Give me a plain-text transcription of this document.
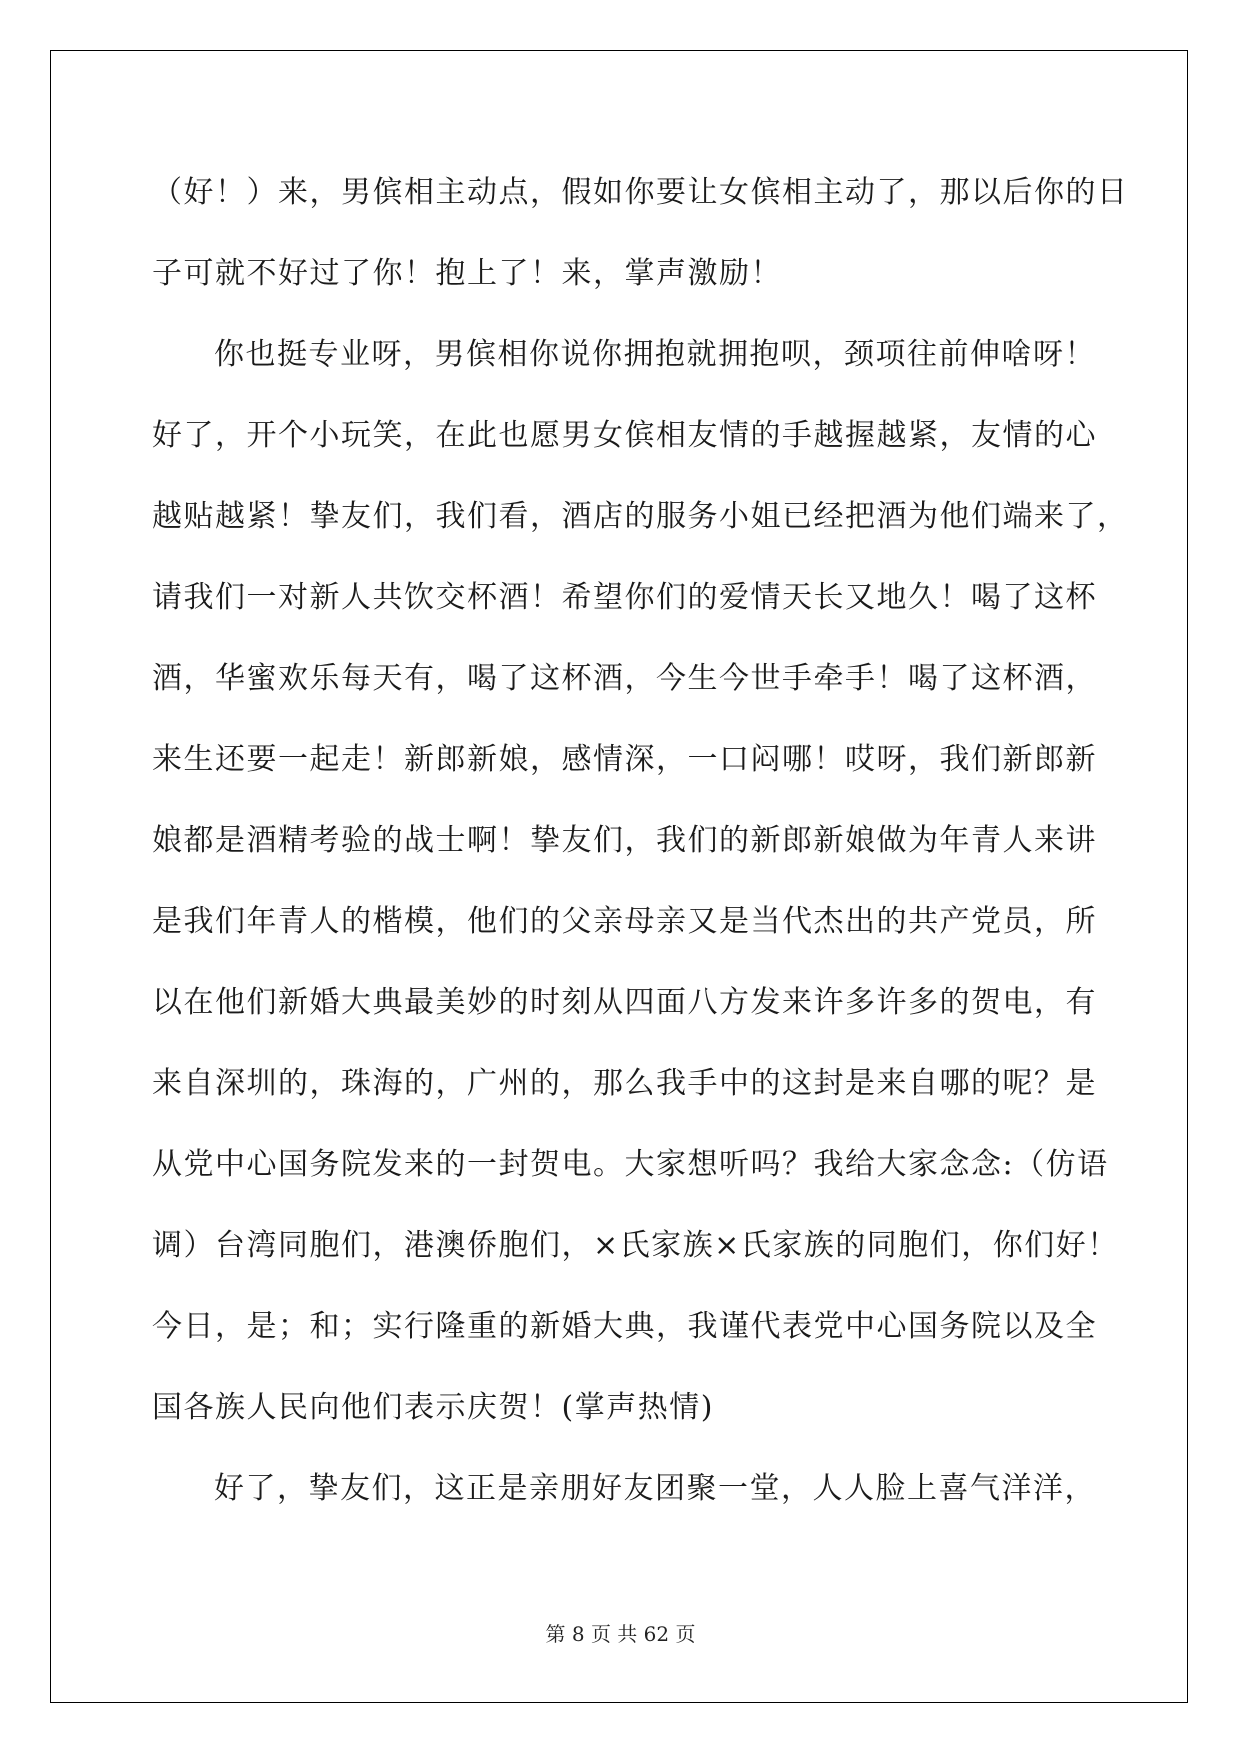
（好！）来，男傧相主动点，假如你要让女傧相主动了，那以后你的日
子可就不好过了你！抱上了！来，掌声激励！
你也挺专业呀，男傧相你说你拥抱就拥抱呗，颈项往前伸啥呀！
好了，开个小玩笑，在此也愿男女傧相友情的手越握越紧，友情的心
越贴越紧！挚友们，我们看，酒店的服务小姐已经把酒为他们端来了，
请我们一对新人共饮交杯酒！希望你们的爱情天长又地久！喝了这杯
酒，华蜜欢乐每天有，喝了这杯酒，今生今世手牵手！喝了这杯酒，
来生还要一起走！新郎新娘，感情深，一口闷哪！哎呀，我们新郎新
娘都是酒精考验的战士啊！挚友们，我们的新郎新娘做为年青人来讲
是我们年青人的楷模，他们的父亲母亲又是当代杰出的共产党员，所
以在他们新婚大典最美妙的时刻从四面八方发来许多许多的贺电，有
来自深圳的，珠海的，广州的，那么我手中的这封是来自哪的呢？是
从党中心国务院发来的一封贺电。大家想听吗？我给大家念念:（仿语
调）台湾同胞们，港澳侨胞们，×氏家族×氏家族的同胞们，你们好！
今日，是；和；实行隆重的新婚大典，我谨代表党中心国务院以及全
国各族人民向他们表示庆贺！(掌声热情)
好了，挚友们，这正是亲朋好友团聚一堂，人人脸上喜气洋洋，
第 8 页 共 62 页
